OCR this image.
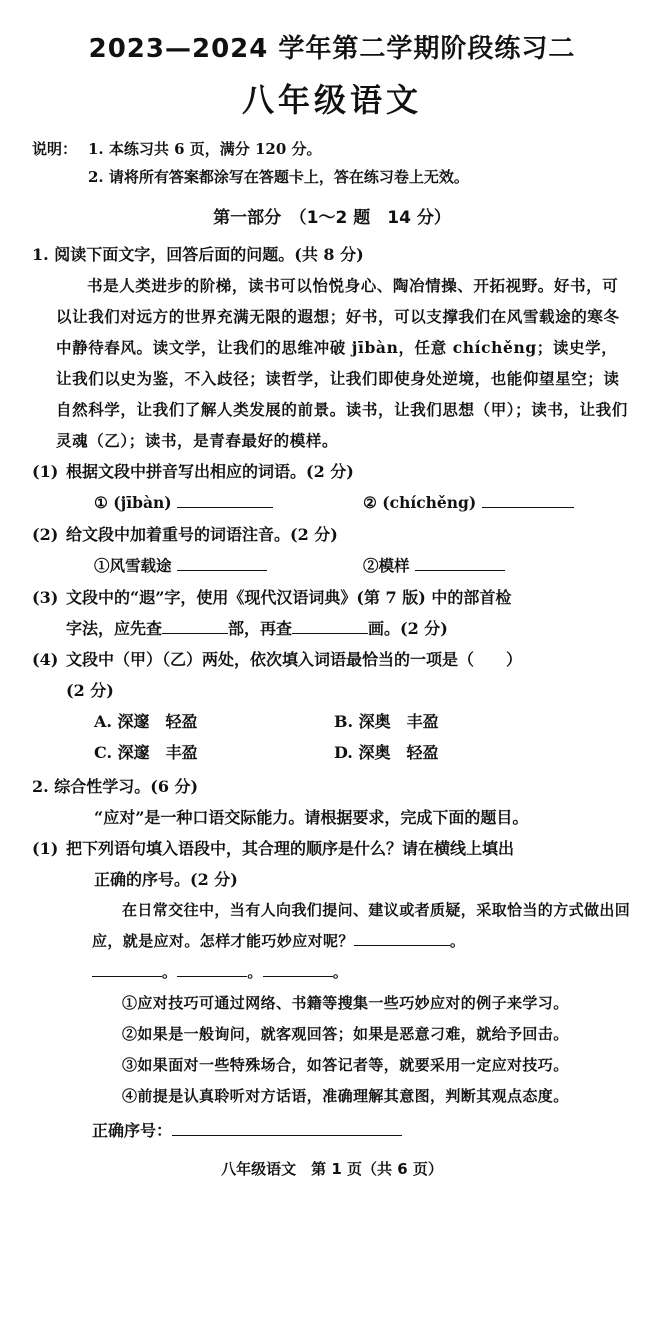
2023—2024 学年第二学期阶段练习二
八年级语文
说明： 1. 本练习共 6 页，满分 120 分。
2. 请将所有答案都涂写在答题卡上，答在练习卷上无效。
第一部分　（1～2 题　14 分）
1. 阅读下面文字，回答后面的问题。(共 8 分)
书是人类进步的阶梯，读书可以怡悦身心、陶冶情操、开拓视野。好书，可以让我们对远方的世界充满无限的遐想；好书，可以支撑我们在风雪载途的寒冬中静待春风。读文学，让我们的思维冲破 jībàn，任意 chíchěng；读史学，让我们以史为鉴，不入歧径；读哲学，让我们即使身处逆境，也能仰望星空；读自然科学，让我们了解人类发展的前景。读书，让我们思想（甲）；读书，让我们灵魂（乙）；读书，是青春最好的模样。
(1) 根据文段中拼音写出相应的词语。(2 分)
① (jībàn)	② (chíchěng)
(2) 给文段中加着重号的词语注音。(2 分)
①风雪载途	②模样
(3) 文段中的“遐”字，使用《现代汉语词典》(第 7 版) 中的部首检
字法，应先查	部，再查	画。(2 分)
(4) 文段中（甲）（乙）两处，依次填入词语最恰当的一项是（　　）
(2 分)
A. 深邃　轻盈	B. 深奥　丰盈
C. 深邃　丰盈	D. 深奥　轻盈
2. 综合性学习。(6 分)
“应对”是一种口语交际能力。请根据要求，完成下面的题目。
(1) 把下列语句填入语段中，其合理的顺序是什么？请在横线上填出
正确的序号。(2 分)
在日常交往中，当有人向我们提问、建议或者质疑，采取恰当的方式做出回应，就是应对。怎样才能巧妙应对呢？	。
。	。	。
①应对技巧可通过网络、书籍等搜集一些巧妙应对的例子来学习。
②如果是一般询问，就客观回答；如果是恶意刁难，就给予回击。
③如果面对一些特殊场合，如答记者等，就要采用一定应对技巧。
④前提是认真聆听对方话语，准确理解其意图，判断其观点态度。
正确序号：
八年级语文　第 1 页（共 6 页）
